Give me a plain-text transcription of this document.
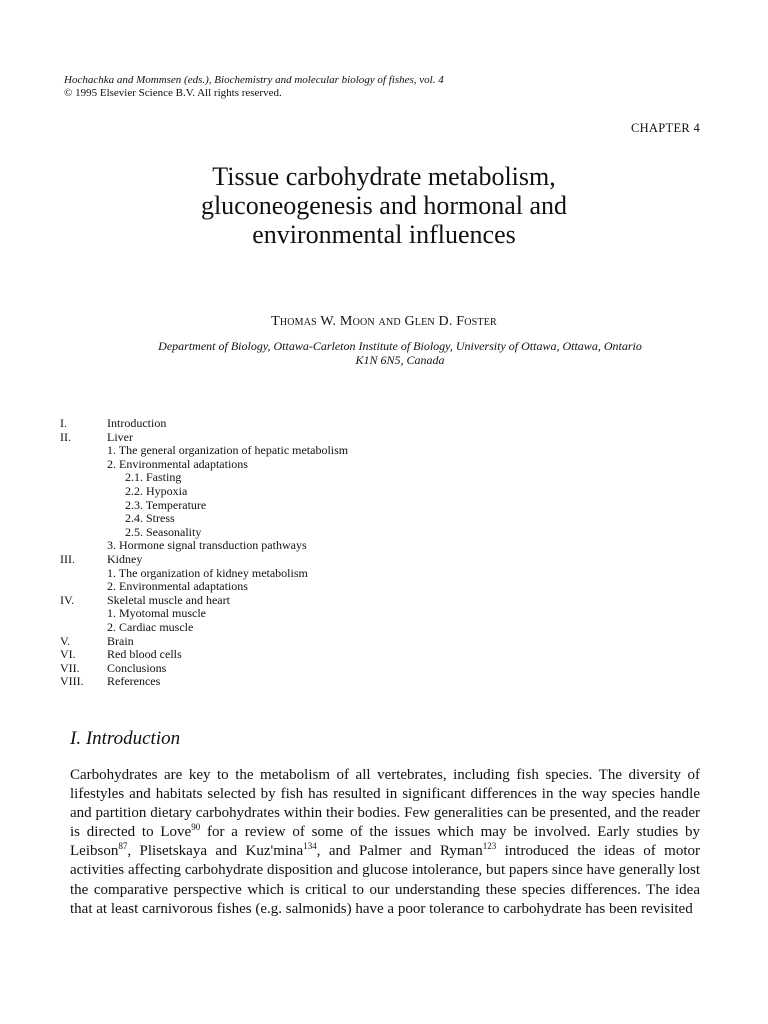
Hochachka and Mommsen (eds.), Biochemistry and molecular biology of fishes, vol. 4
© 1995 Elsevier Science B.V. All rights reserved.
CHAPTER 4
Tissue carbohydrate metabolism,
gluconeogenesis and hormonal and
environmental influences
Thomas W. Moon and Glen D. Foster
Department of Biology, Ottawa-Carleton Institute of Biology, University of Ottawa, Ottawa, Ontario
K1N 6N5, Canada
I.	Introduction
II.	Liver
1. The general organization of hepatic metabolism
2. Environmental adaptations
2.1. Fasting
2.2. Hypoxia
2.3. Temperature
2.4. Stress
2.5. Seasonality
3. Hormone signal transduction pathways
III.	Kidney
1. The organization of kidney metabolism
2. Environmental adaptations
IV.	Skeletal muscle and heart
1. Myotomal muscle
2. Cardiac muscle
V.	Brain
VI.	Red blood cells
VII.	Conclusions
VIII.	References
I. Introduction
Carbohydrates are key to the metabolism of all vertebrates, including fish species. The diversity of lifestyles and habitats selected by fish has resulted in significant differences in the way species handle and partition dietary carbohydrates within their bodies. Few generalities can be presented, and the reader is directed to Love$^{90}$ for a review of some of the issues which may be involved. Early studies by Leibson$^{87}$, Plisetskaya and Kuz'mina$^{134}$, and Palmer and Ryman$^{123}$ introduced the ideas of motor activities affecting carbohydrate disposition and glucose intolerance, but papers since have generally lost the comparative perspective which is critical to our understanding these species differences. The idea that at least carnivorous fishes (e.g. salmonids) have a poor tolerance to carbohydrate has been revisited
